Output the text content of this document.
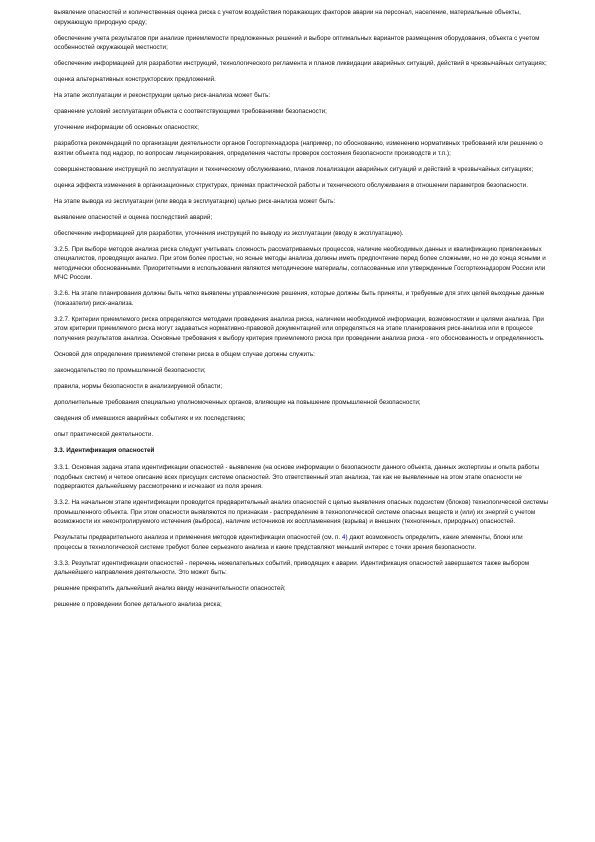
выявление опасностей и количественная оценка риска с учетом воздействия поражающих факторов аварии на персонал, население, материальные объекты, окружающую природную среду;

обеспечение учета результатов при анализе приемлемости предложенных решений и выборе оптимальных вариантов размещения оборудования, объекта с учетом особенностей окружающей местности;

обеспечение информацией для разработки инструкций, технологического регламента и планов ликвидации аварийных ситуаций, действий в чрезвычайных ситуациях;

оценка альтернативных конструкторских предложений.

На этапе эксплуатации и реконструкции целью риск-анализа может быть:

сравнение условий эксплуатации объекта с соответствующими требованиями безопасности;

уточнение информации об основных опасностях;

разработка рекомендаций по организации деятельности органов Госгортехнадзора (например, по обоснованию, изменению нормативных требований или решению о взятии объекта под надзор, по вопросам лицензирования, определения частоты проверок состояния безопасности производств и т.п.);

совершенствование инструкций по эксплуатации и техническому обслуживанию, планов локализации аварийных ситуаций и действий в чрезвычайных ситуациях;

оценка эффекта изменения в организационных структурах, приемах практической работы и технического обслуживания в отношении параметров безопасности.

На этапе вывода из эксплуатации (или ввода в эксплуатацию) целью риск-анализа может быть:

выявление опасностей и оценка последствий аварий;

обеспечение информацией для разработки, уточнения инструкций по выводу из эксплуатации (вводу в эксплуатацию).

3.2.5. При выборе методов анализа риска следует учитывать сложность рассматриваемых процессов, наличие необходимых данных и квалификацию привлекаемых специалистов, проводящих анализ. При этом более простые, но ясные методы анализа должны иметь предпочтение перед более сложными, но не до конца ясными и методически обоснованными. Приоритетными в использовании являются методические материалы, согласованные или утвержденные Госгортехнадзором России или МЧС России.

3.2.6. На этапе планирования должны быть четко выявлены управленческие решения, которые должны быть приняты, и требуемые для этих целей выходные данные (показатели) риск-анализа.

3.2.7. Критерии приемлемого риска определяются методами проведения анализа риска, наличием необходимой информации, возможностями и целями анализа. При этом критерии приемлемого риска могут задаваться нормативно-правовой документацией или определяться на этапе планирования риск-анализа или в процессе получения результатов анализа. Основные требования к выбору критерия приемлемого риска при проведении анализа риска - его обоснованность и определенность.

Основой для определения приемлемой степени риска в общем случае должны служить:

законодательство по промышленной безопасности;

правила, нормы безопасности в анализируемой области;

дополнительные требования специально уполномоченных органов, влияющие на повышение промышленной безопасности;

сведения об имевшихся аварийных событиях и их последствиях;

опыт практической деятельности.

3.3. Идентификация опасностей

3.3.1. Основная задача этапа идентификации опасностей - выявление (на основе информации о безопасности данного объекта, данных экспертизы и опыта работы подобных систем) и четкое описание всех присущих системе опасностей. Это ответственный этап анализа, так как не выявленные на этом этапе опасности не подвергаются дальнейшему рассмотрению и исчезают из поля зрения.

3.3.2. На начальном этапе идентификации проводится предварительный анализ опасностей с целью выявления опасных подсистем (блоков) технологической системы промышленного объекта. При этом опасности выявляются по признакам - распределение в технологической системе опасных веществ и (или) их энергий с учетом возможности их неконтролируемого истечения (выброса), наличие источников их воспламенения (взрыва) и внешних (техногенных, природных) опасностей.

Результаты предварительного анализа и применения методов идентификации опасностей (см. п. 4) дают возможность определить, какие элементы, блоки или процессы в технологической системе требуют более серьезного анализа и какие представляют меньший интерес с точки зрения безопасности.

3.3.3. Результат идентификации опасностей - перечень нежелательных событий, приводящих к аварии. Идентификация опасностей завершается также выбором дальнейшего направления деятельности. Это может быть:

решение прекратить дальнейший анализ ввиду незначительности опасностей;

решение о проведении более детального анализа риска;
